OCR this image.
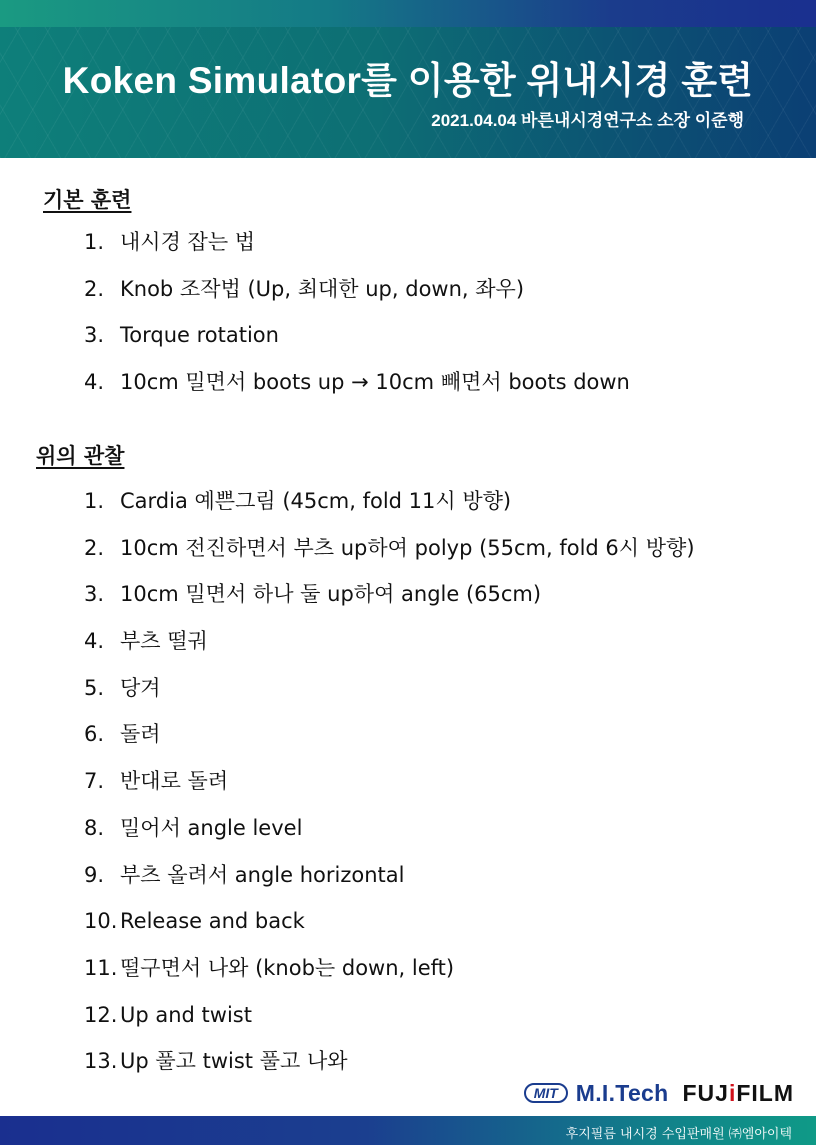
Koken Simulator를 이용한 위내시경 훈련
2021.04.04 바른내시경연구소 소장 이준행
기본 훈련
1. 내시경 잡는 법
2. Knob 조작법 (Up, 최대한 up, down, 좌우)
3. Torque rotation
4. 10cm 밀면서 boots up → 10cm 빼면서 boots down
위의 관찰
1. Cardia 예쁜그림 (45cm, fold 11시 방향)
2. 10cm 전진하면서 부츠 up하여 polyp (55cm, fold 6시 방향)
3. 10cm 밀면서 하나 둘 up하여 angle (65cm)
4. 부츠 떨궈
5. 당겨
6. 돌려
7. 반대로 돌려
8. 밀어서 angle level
9. 부츠 올려서 angle horizontal
10. Release and back
11. 떨구면서 나와 (knob는 down, left)
12. Up and twist
13. Up 풀고 twist 풀고 나와
MIT M.I.Tech FUJiFILM
후지필름 내시경 수입판매원 ㈜엠아이텍
